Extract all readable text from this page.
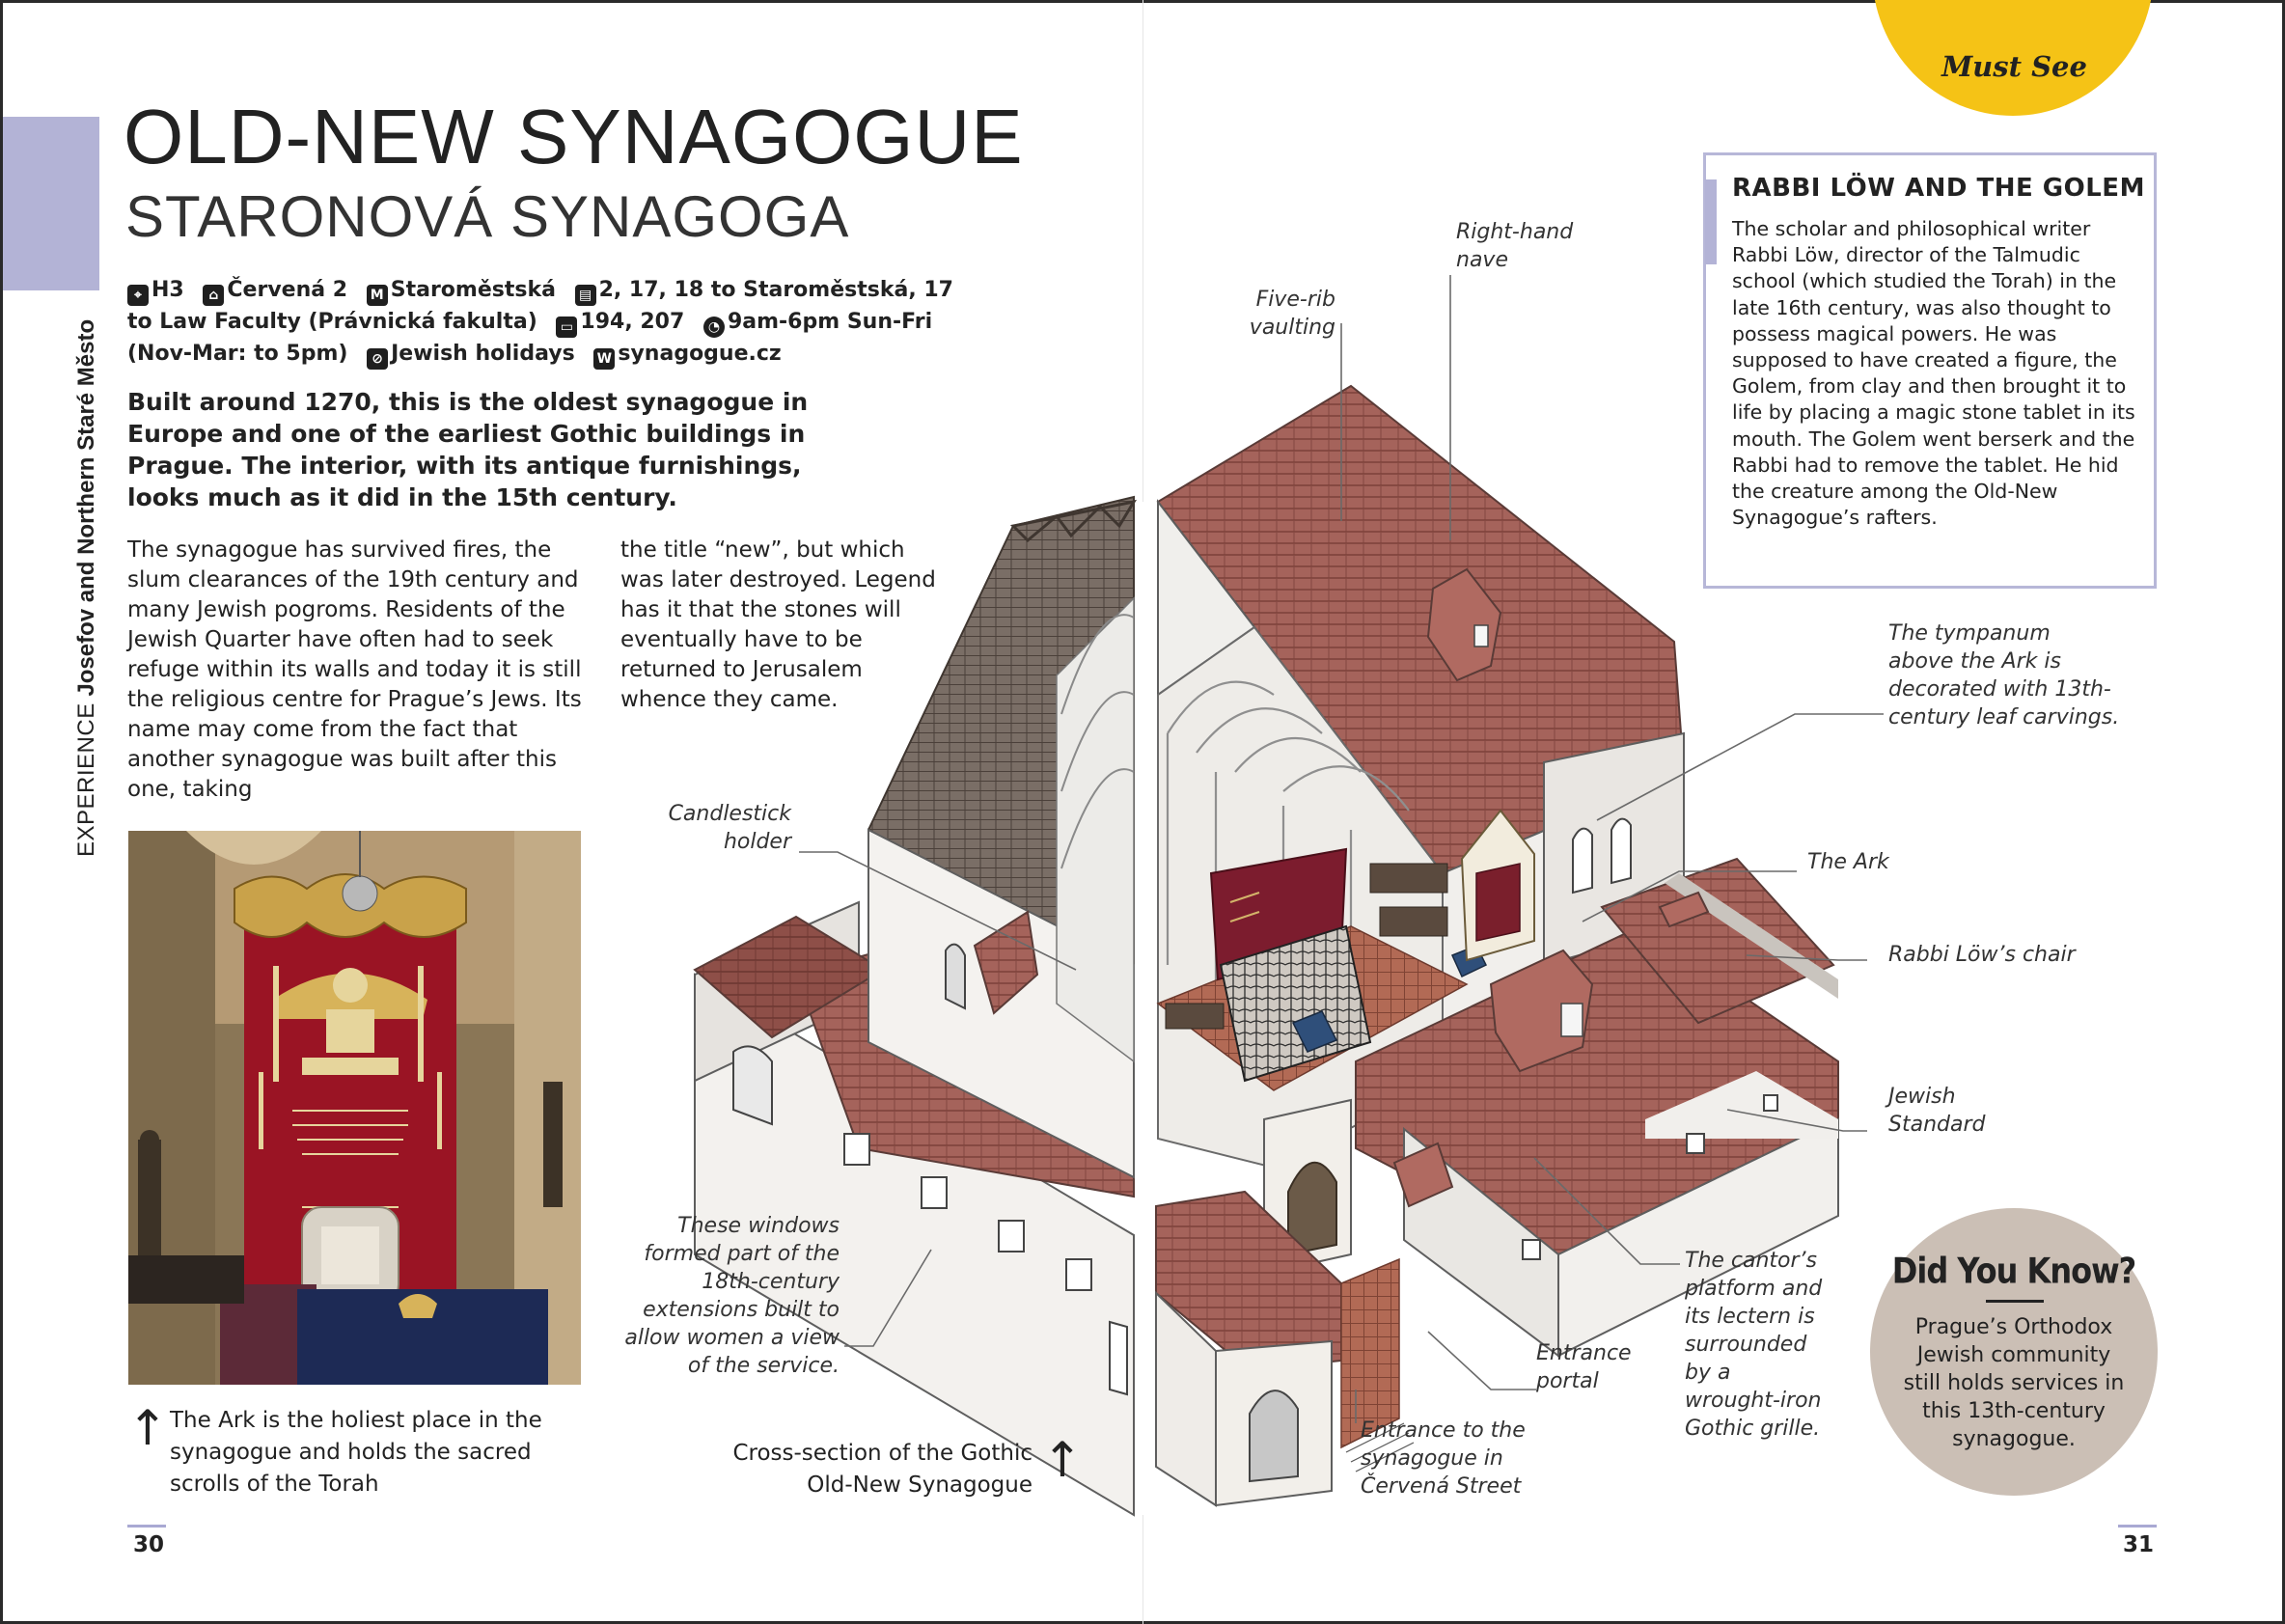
EXPERIENCE Josefov and Northern Staré Město
OLD-NEW SYNAGOGUE
STARONOVÁ SYNAGOGA
⌖ H3 ⌂ Červená 2 M Staroměstská ▤ 2, 17, 18 to Staroměstská, 17 to Law Faculty (Právnická fakulta) ▭ 194, 207 ◔ 9am-6pm Sun-Fri (Nov-Mar: to 5pm) ⊘ Jewish holidays W synagogue.cz

Built around 1270, this is the oldest synagogue in Europe and one of the earliest Gothic buildings in Prague. The interior, with its antique furnishings, looks much as it did in the 15th century.

The synagogue has survived fires, the slum clearances of the 19th century and many Jewish pogroms. Residents of the Jewish Quarter have often had to seek refuge within its walls and today it is still the religious centre for Prague’s Jews. Its name may come from the fact that another synagogue was built after this one, taking

the title “new”, but which was later destroyed. Legend has it that the stones will eventually have to be returned to Jerusalem whence they came.

↑ The Ark is the holiest place in the synagogue and holds the sacred scrolls of the Torah

Cross-section of the Gothic Old-New Synagogue ↑
30	31
Must See
RABBI LÖW AND THE GOLEM

The scholar and philosophical writer Rabbi Löw, director of the Talmudic school (which studied the Torah) in the late 16th century, was also thought to possess magical powers. He was supposed to have created a figure, the Golem, from clay and then brought it to life by placing a magic stone tablet in its mouth. The Golem went berserk and the Rabbi had to remove the tablet. He hid the creature among the Old-New Synagogue’s rafters.

Did You Know?

Prague’s Orthodox Jewish community still holds services in this 13th-century synagogue.

Right-hand nave
Five-rib vaulting
The tympanum above the Ark is decorated with 13th-century leaf carvings.
The Ark
Rabbi Löw’s chair
Jewish Standard
Candlestick holder
These windows formed part of the 18th-century extensions built to allow women a view of the service.
The cantor’s platform and its lectern is surrounded by a wrought-iron Gothic grille.
Entrance portal
Entrance to the synagogue in Červená Street
